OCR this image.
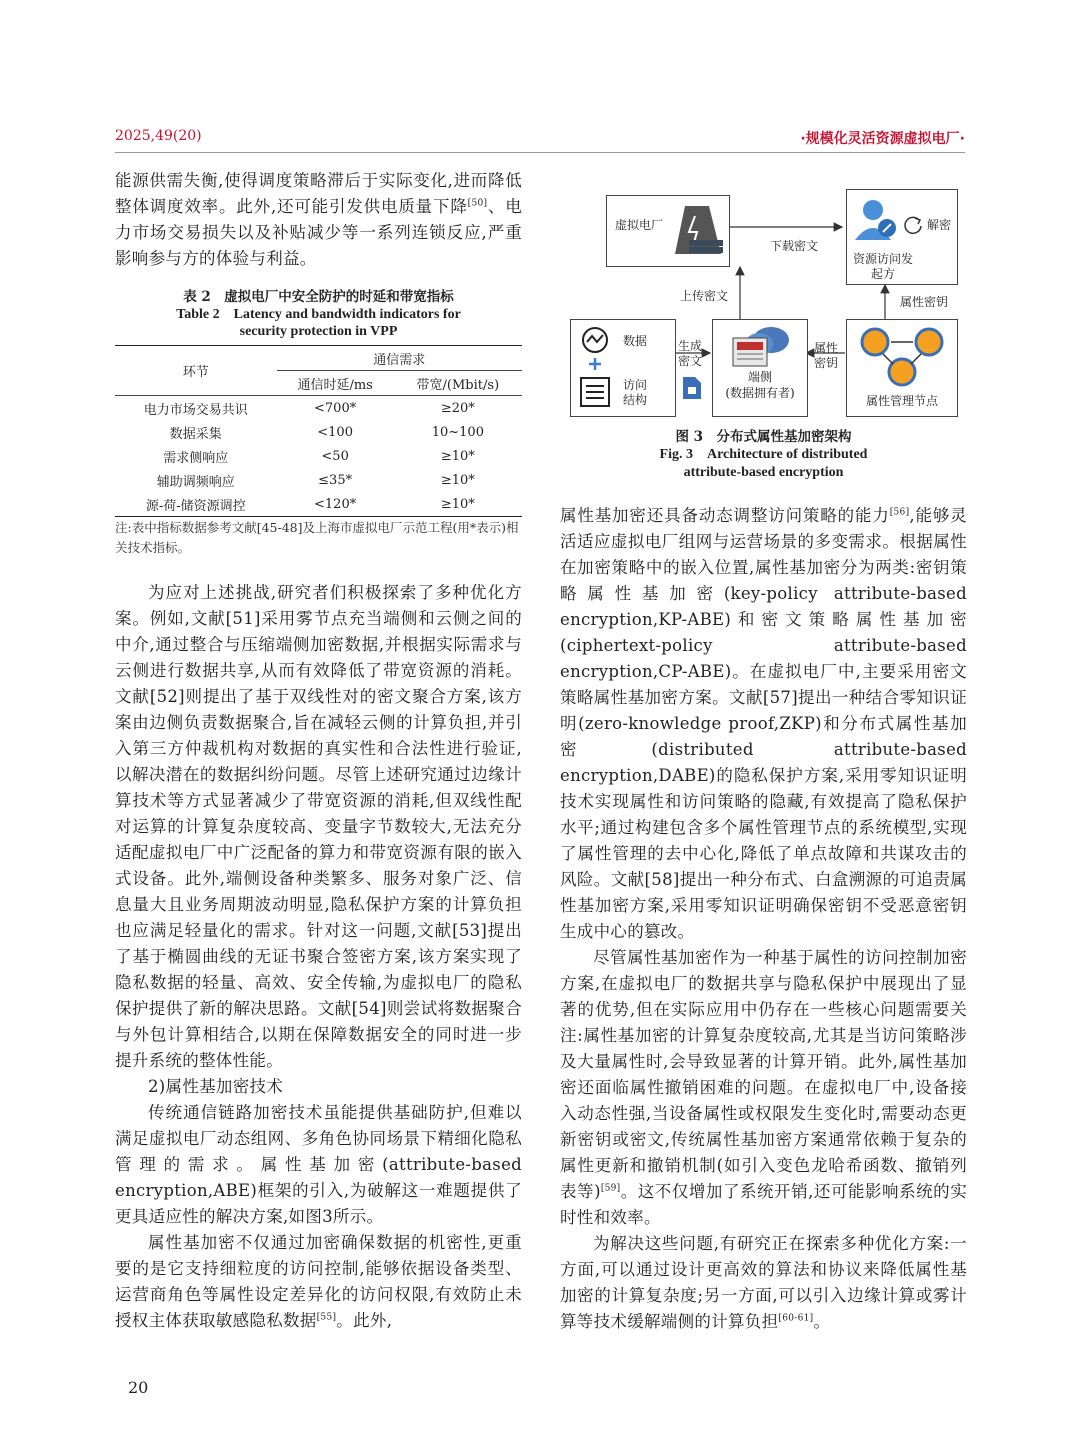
2025,49(20)	·规模化灵活资源虚拟电厂·

能源供需失衡,使得调度策略滞后于实际变化,进而降低整体调度效率。此外,还可能引发供电质量下降[50]、电力市场交易损失以及补贴减少等一系列连锁反应,严重影响参与方的体验与利益。

表 2　虚拟电厂中安全防护的时延和带宽指标
Table 2　Latency and bandwidth indicators for
security protection in VPP
环节	通信需求	
	通信时延/ms	带宽/(Mbit/s)
电力市场交易共识	<700*	≥20*
数据采集	<100	10~100
需求侧响应	<50	≥10*
辅助调频响应	≤35*	≥10*
源-荷-储资源调控	<120*	≥10*
注:表中指标数据参考文献[45-48]及上海市虚拟电厂示范工程(用*表示)相关技术指标。

为应对上述挑战,研究者们积极探索了多种优化方案。例如,文献[51]采用雾节点充当端侧和云侧之间的中介,通过整合与压缩端侧加密数据,并根据实际需求与云侧进行数据共享,从而有效降低了带宽资源的消耗。文献[52]则提出了基于双线性对的密文聚合方案,该方案由边侧负责数据聚合,旨在减轻云侧的计算负担,并引入第三方仲裁机构对数据的真实性和合法性进行验证,以解决潜在的数据纠纷问题。尽管上述研究通过边缘计算技术等方式显著减少了带宽资源的消耗,但双线性配对运算的计算复杂度较高、变量字节数较大,无法充分适配虚拟电厂中广泛配备的算力和带宽资源有限的嵌入式设备。此外,端侧设备种类繁多、服务对象广泛、信息量大且业务周期波动明显,隐私保护方案的计算负担也应满足轻量化的需求。针对这一问题,文献[53]提出了基于椭圆曲线的无证书聚合签密方案,该方案实现了隐私数据的轻量、高效、安全传输,为虚拟电厂的隐私保护提供了新的解决思路。文献[54]则尝试将数据聚合与外包计算相结合,以期在保障数据安全的同时进一步提升系统的整体性能。

2)属性基加密技术

传统通信链路加密技术虽能提供基础防护,但难以满足虚拟电厂动态组网、多角色协同场景下精细化隐私管理的需求。属性基加密(attribute-based encryption,ABE)框架的引入,为破解这一难题提供了更具适应性的解决方案,如图3所示。

属性基加密不仅通过加密确保数据的机密性,更重要的是它支持细粒度的访问控制,能够依据设备类型、运营商角色等属性设定差异化的访问权限,有效防止未授权主体获取敏感隐私数据[55]。此外,

虚拟电厂
下载密文
解密
资源访问发起方
上传密文	属性密钥
数据
访问结构
生成密文
端侧
(数据拥有者)
属性密钥
属性管理节点
图 3　分布式属性基加密架构
Fig. 3　Architecture of distributed
attribute-based encryption

属性基加密还具备动态调整访问策略的能力[56],能够灵活适应虚拟电厂组网与运营场景的多变需求。根据属性在加密策略中的嵌入位置,属性基加密分为两类:密钥策略属性基加密(key-policy attribute-based encryption,KP-ABE)和密文策略属性基加密(ciphertext-policy attribute-based encryption,CP-ABE)。在虚拟电厂中,主要采用密文策略属性基加密方案。文献[57]提出一种结合零知识证明(zero-knowledge proof,ZKP)和分布式属性基加密(distributed attribute-based encryption,DABE)的隐私保护方案,采用零知识证明技术实现属性和访问策略的隐藏,有效提高了隐私保护水平;通过构建包含多个属性管理节点的系统模型,实现了属性管理的去中心化,降低了单点故障和共谋攻击的风险。文献[58]提出一种分布式、白盒溯源的可追责属性基加密方案,采用零知识证明确保密钥不受恶意密钥生成中心的篡改。

尽管属性基加密作为一种基于属性的访问控制加密方案,在虚拟电厂的数据共享与隐私保护中展现出了显著的优势,但在实际应用中仍存在一些核心问题需要关注:属性基加密的计算复杂度较高,尤其是当访问策略涉及大量属性时,会导致显著的计算开销。此外,属性基加密还面临属性撤销困难的问题。在虚拟电厂中,设备接入动态性强,当设备属性或权限发生变化时,需要动态更新密钥或密文,传统属性基加密方案通常依赖于复杂的属性更新和撤销机制(如引入变色龙哈希函数、撤销列表等)[59]。这不仅增加了系统开销,还可能影响系统的实时性和效率。

为解决这些问题,有研究正在探索多种优化方案:一方面,可以通过设计更高效的算法和协议来降低属性基加密的计算复杂度;另一方面,可以引入边缘计算或雾计算等技术缓解端侧的计算负担[60-61]。

20
